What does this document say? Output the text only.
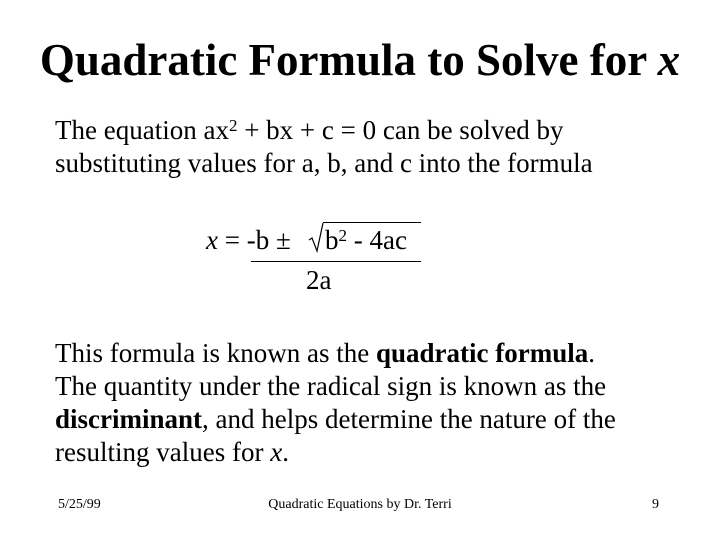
Quadratic Formula to Solve for x
The equation $ax^2$ + bx + c = 0 can be solved by
substituting values for a, b, and c into the formula
$x = -b \pm b^2 - 4ac$
2a
This formula is known as the quadratic formula.
The quantity under the radical sign is known as the
discriminant, and helps determine the nature of the
resulting values for x.
5/25/99	Quadratic Equations by Dr. Terri	9
